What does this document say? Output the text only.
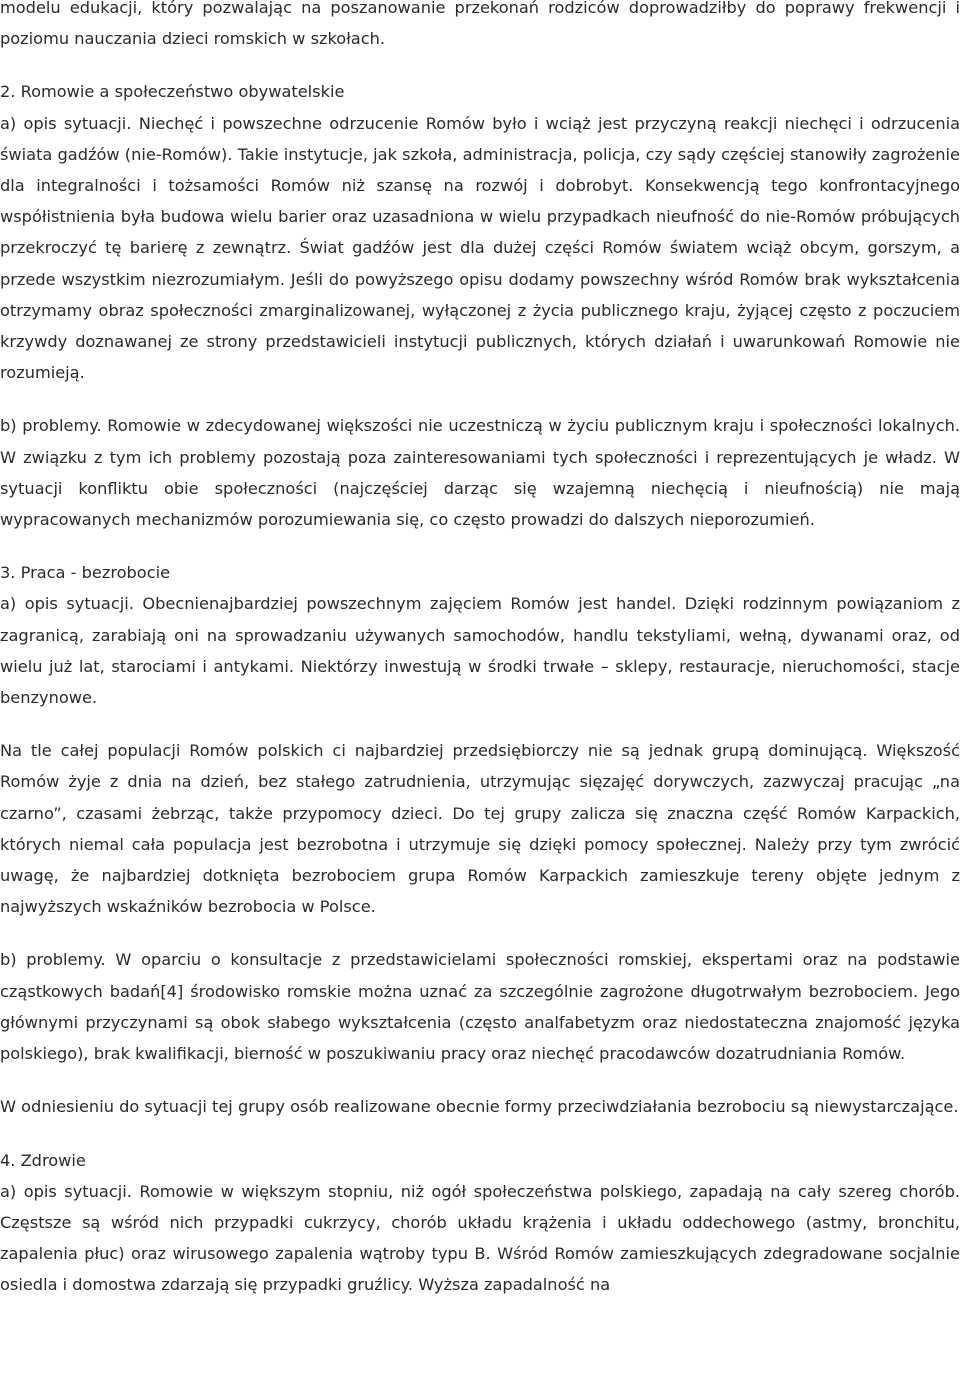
modelu edukacji, który pozwalając na poszanowanie przekonań rodziców doprowadziłby do poprawy frekwencji i poziomu nauczania dzieci romskich w szkołach.

2. Romowie a społeczeństwo obywatelskie

a) opis sytuacji. Niechęć i powszechne odrzucenie Romów było i wciąż jest przyczyną reakcji niechęci i odrzucenia świata gadźów (nie-Romów). Takie instytucje, jak szkoła, administracja, policja, czy sądy częściej stanowiły zagrożenie dla integralności i tożsamości Romów niż szansę na rozwój i dobrobyt. Konsekwencją tego konfrontacyjnego współistnienia była budowa wielu barier oraz uzasadniona w wielu przypadkach nieufność do nie-Romów próbujących przekroczyć tę barierę z zewnątrz. Świat gadźów jest dla dużej części Romów światem wciąż obcym, gorszym, a przede wszystkim niezrozumiałym. Jeśli do powyższego opisu dodamy powszechny wśród Romów brak wykształcenia otrzymamy obraz społeczności zmarginalizowanej, wyłączonej z życia publicznego kraju, żyjącej często z poczuciem krzywdy doznawanej ze strony przedstawicieli instytucji publicznych, których działań i uwarunkowań Romowie nie rozumieją.

b) problemy. Romowie w zdecydowanej większości nie uczestniczą w życiu publicznym kraju i społeczności lokalnych. W związku z tym ich problemy pozostają poza zainteresowaniami tych społeczności i reprezentujących je władz. W sytuacji konfliktu obie społeczności (najczęściej darząc się wzajemną niechęcią i nieufnością) nie mają wypracowanych mechanizmów porozumiewania się, co często prowadzi do dalszych nieporozumień.

3. Praca - bezrobocie

a) opis sytuacji. Obecnienajbardziej powszechnym zajęciem Romów jest handel. Dzięki rodzinnym powiązaniom z zagranicą, zarabiają oni na sprowadzaniu używanych samochodów, handlu tekstyliami, wełną, dywanami oraz, od wielu już lat, starociami i antykami. Niektórzy inwestują w środki trwałe – sklepy, restauracje, nieruchomości, stacje benzynowe.

Na tle całej populacji Romów polskich ci najbardziej przedsiębiorczy nie są jednak grupą dominującą. Większość Romów żyje z dnia na dzień, bez stałego zatrudnienia, utrzymując sięzajęć dorywczych, zazwyczaj pracując „na czarno”, czasami żebrząc, także przypomocy dzieci. Do tej grupy zalicza się znaczna część Romów Karpackich, których niemal cała populacja jest bezrobotna i utrzymuje się dzięki pomocy społecznej. Należy przy tym zwrócić uwagę, że najbardziej dotknięta bezrobociem grupa Romów Karpackich zamieszkuje tereny objęte jednym z najwyższych wskaźników bezrobocia w Polsce.

b) problemy. W oparciu o konsultacje z przedstawicielami społeczności romskiej, ekspertami oraz na podstawie cząstkowych badań[4] środowisko romskie można uznać za szczególnie zagrożone długotrwałym bezrobociem. Jego głównymi przyczynami są obok słabego wykształcenia (często analfabetyzm oraz niedostateczna znajomość języka polskiego), brak kwalifikacji, bierność w poszukiwaniu pracy oraz niechęć pracodawców dozatrudniania Romów.

W odniesieniu do sytuacji tej grupy osób realizowane obecnie formy przeciwdziałania bezrobociu są niewystarczające.

4. Zdrowie

a) opis sytuacji. Romowie w większym stopniu, niż ogół społeczeństwa polskiego, zapadają na cały szereg chorób. Częstsze są wśród nich przypadki cukrzycy, chorób układu krążenia i układu oddechowego (astmy, bronchitu, zapalenia płuc) oraz wirusowego zapalenia wątroby typu B. Wśród Romów zamieszkujących zdegradowane socjalnie osiedla i domostwa zdarzają się przypadki gruźlicy. Wyższa zapadalność na
